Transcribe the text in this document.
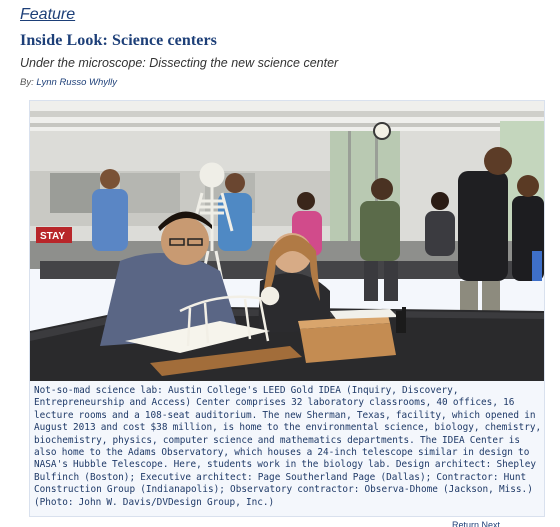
Feature
Inside Look: Science centers
Under the microscope: Dissecting the new science center
By: Lynn Russo Whylly
STAY

Not-so-mad science lab: Austin College's LEED Gold IDEA (Inquiry, Discovery, Entrepreneurship and Access) Center comprises 32 laboratory classrooms, 40 offices, 16 lecture rooms and a 108-seat auditorium. The new Sherman, Texas, facility, which opened in August 2013 and cost $38 million, is home to the environmental science, biology, chemistry, biochemistry, physics, computer science and mathematics departments. The IDEA Center is also home to the Adams Observatory, which houses a 24-inch telescope similar in design to NASA's Hubble Telescope. Here, students work in the biology lab. Design architect: Shepley Bulfinch (Boston); Executive architect: Page Southerland Page (Dallas); Contractor: Hunt Construction Group (Indianapolis); Observatory contractor: Observa-Dhome (Jackson, Miss.) (Photo: John W. Davis/DVDesign Group, Inc.)

Return Next
